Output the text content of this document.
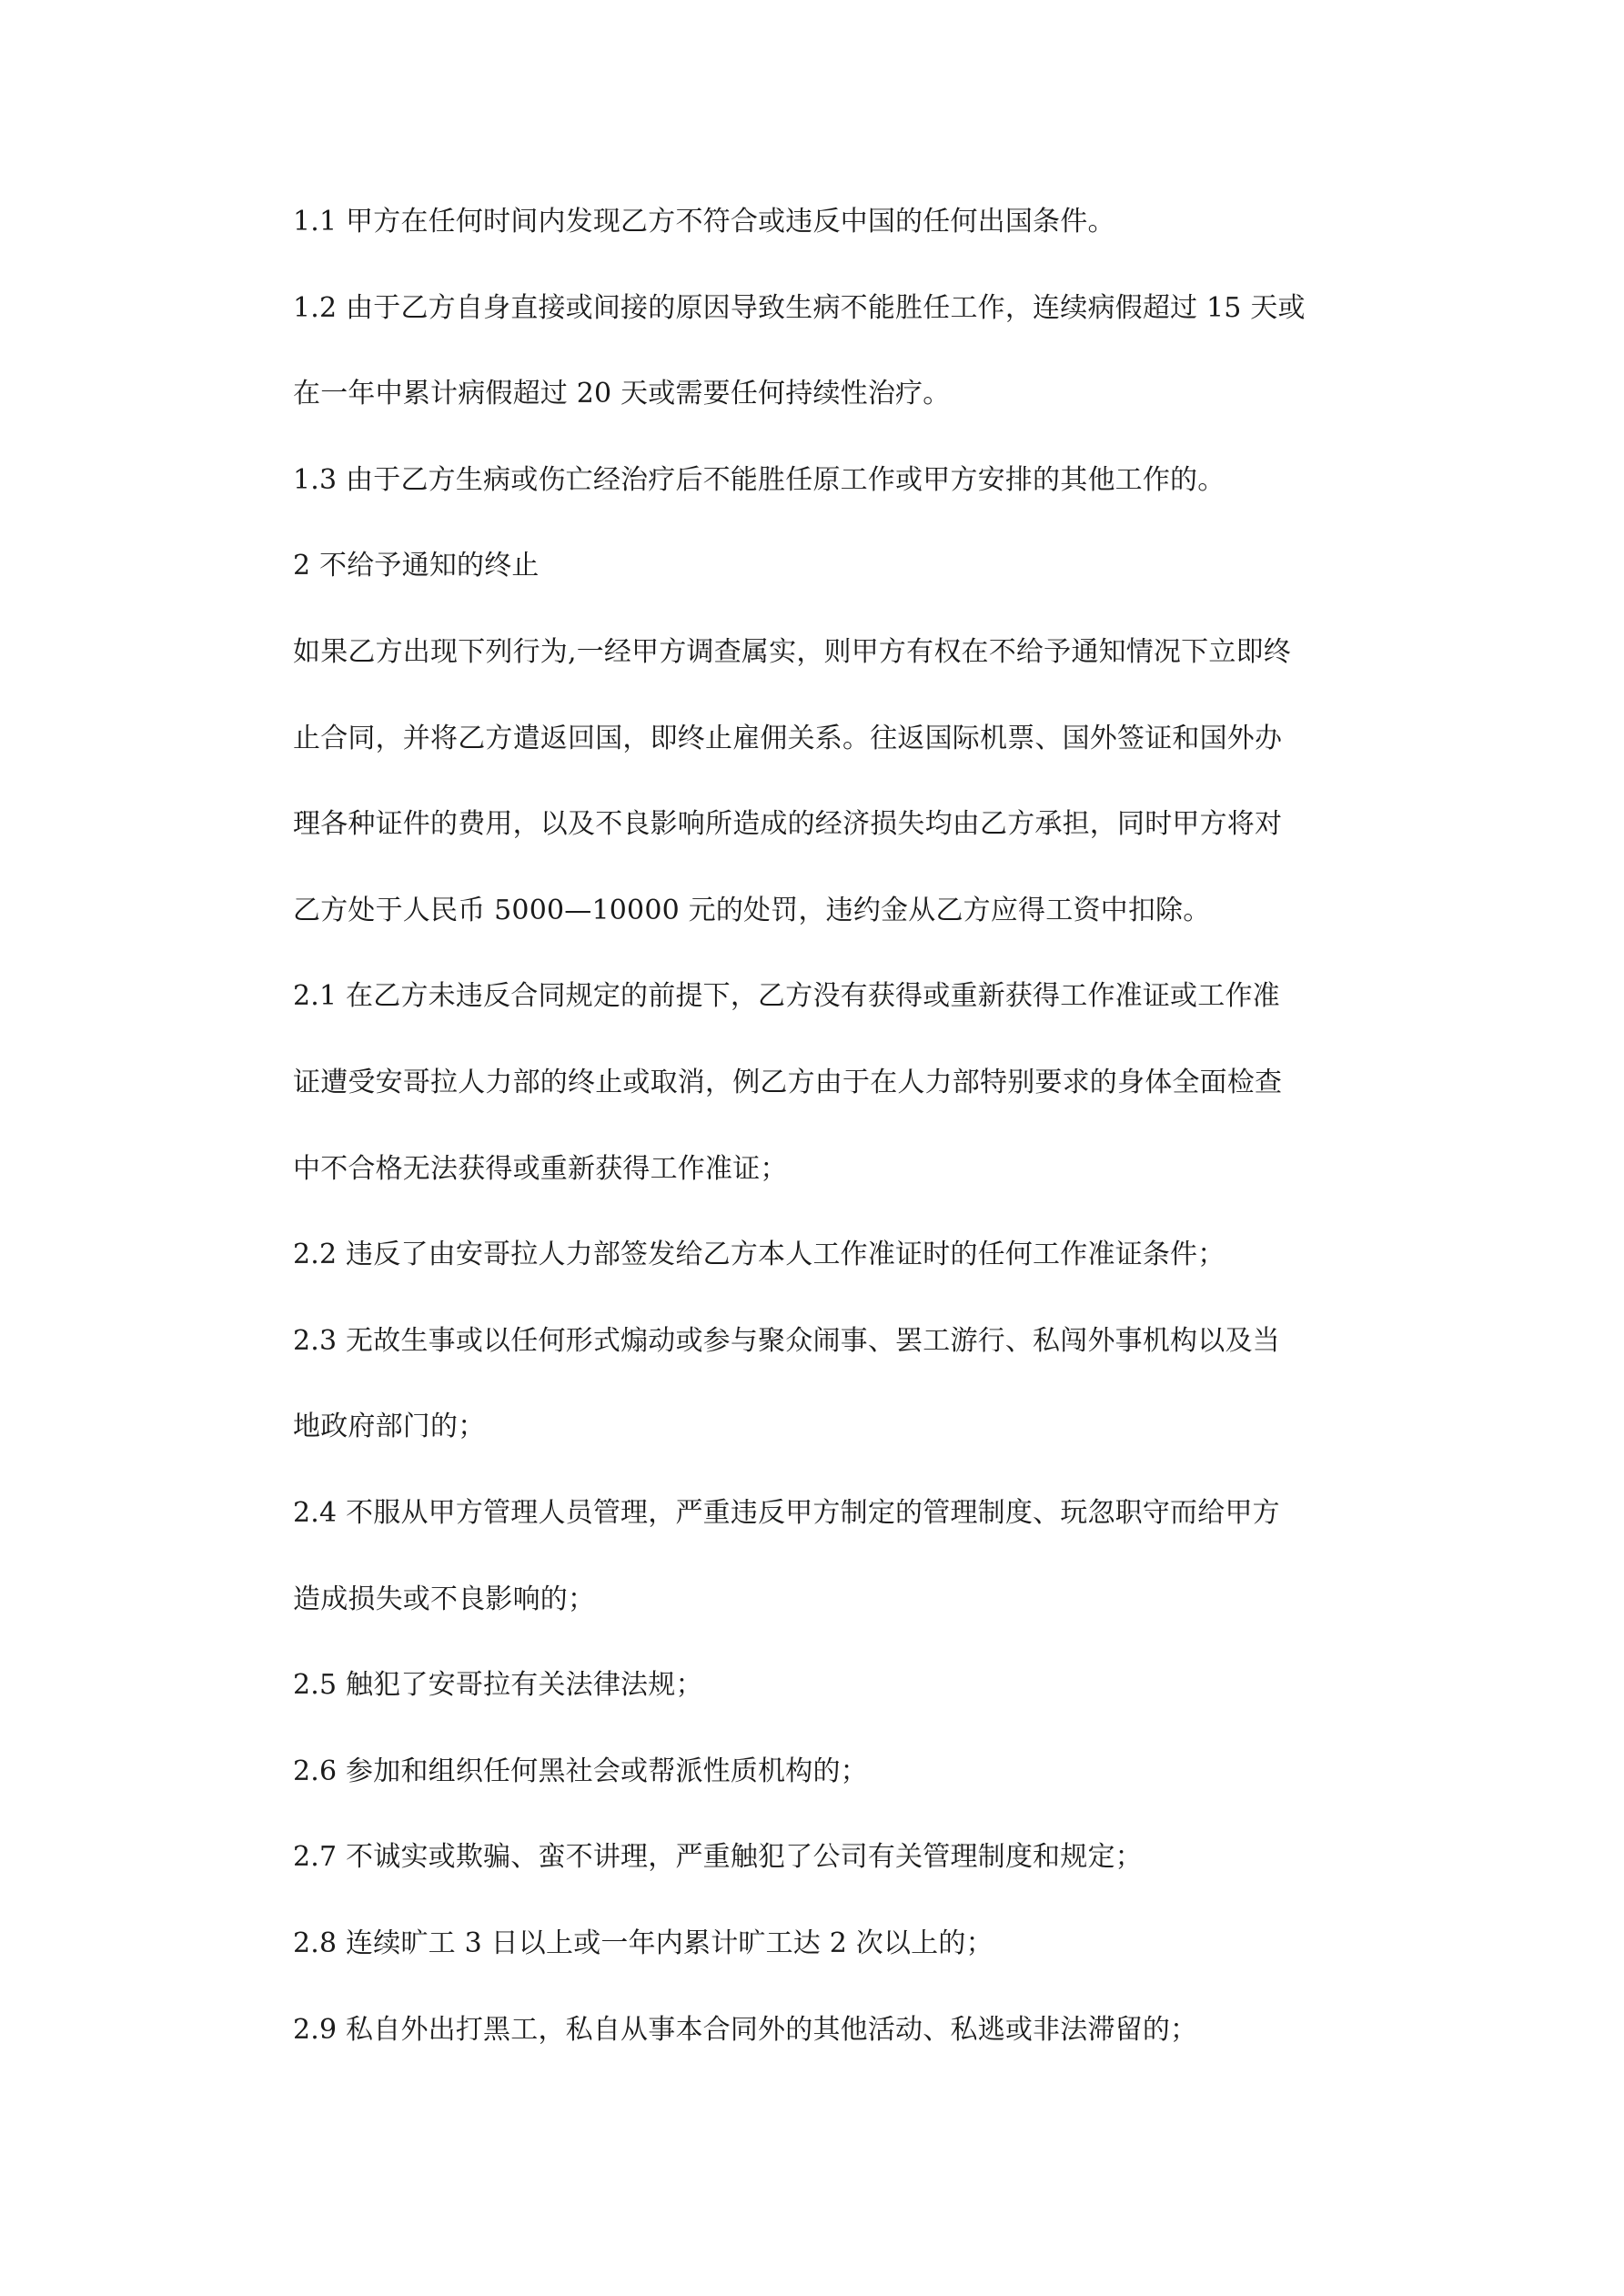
1.1 甲方在任何时间内发现乙方不符合或违反中国的任何出国条件。
1.2 由于乙方自身直接或间接的原因导致生病不能胜任工作，连续病假超过 15 天或
在一年中累计病假超过 20 天或需要任何持续性治疗。
1.3 由于乙方生病或伤亡经治疗后不能胜任原工作或甲方安排的其他工作的。
2 不给予通知的终止
如果乙方出现下列行为,一经甲方调查属实，则甲方有权在不给予通知情况下立即终
止合同，并将乙方遣返回国，即终止雇佣关系。往返国际机票、国外签证和国外办
理各种证件的费用，以及不良影响所造成的经济损失均由乙方承担，同时甲方将对
乙方处于人民币 5000—10000 元的处罚，违约金从乙方应得工资中扣除。
2.1 在乙方未违反合同规定的前提下，乙方没有获得或重新获得工作准证或工作准
证遭受安哥拉人力部的终止或取消，例乙方由于在人力部特别要求的身体全面检查
中不合格无法获得或重新获得工作准证；
2.2 违反了由安哥拉人力部签发给乙方本人工作准证时的任何工作准证条件；
2.3 无故生事或以任何形式煽动或参与聚众闹事、罢工游行、私闯外事机构以及当
地政府部门的；
2.4 不服从甲方管理人员管理，严重违反甲方制定的管理制度、玩忽职守而给甲方
造成损失或不良影响的；
2.5 触犯了安哥拉有关法律法规；
2.6 参加和组织任何黑社会或帮派性质机构的；
2.7 不诚实或欺骗、蛮不讲理，严重触犯了公司有关管理制度和规定；
2.8 连续旷工 3 日以上或一年内累计旷工达 2 次以上的；
2.9 私自外出打黑工，私自从事本合同外的其他活动、私逃或非法滞留的；
